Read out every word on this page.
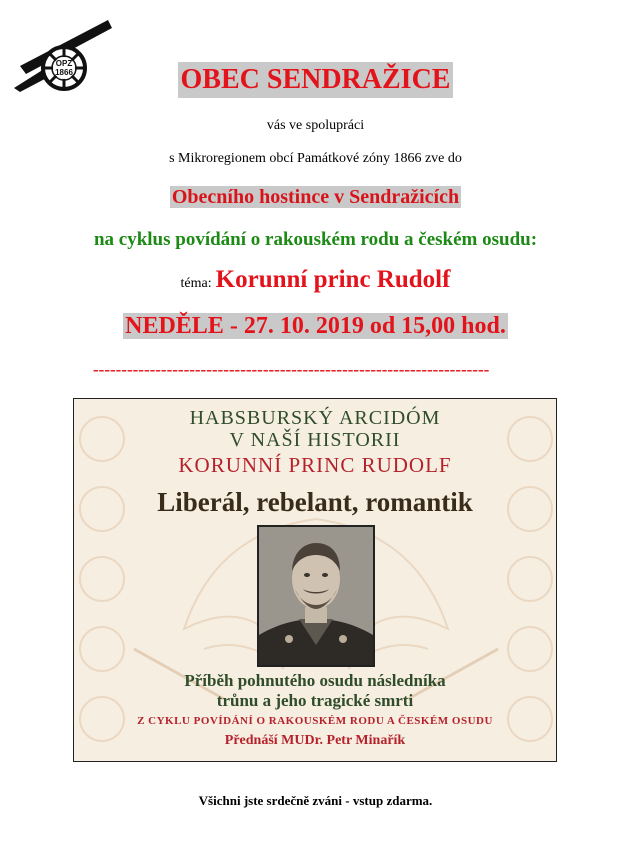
OPZ
1866	OBEC SENDRAŽICE
vás ve spolupráci
s Mikroregionem obcí Památkové zóny 1866 zve do
Obecního hostince v Sendražicích
na cyklus povídání o rakouském rodu a českém osudu:
téma: Korunní princ Rudolf
NEDĚLE - 27. 10. 2019 od 15,00 hod.
----------------------------------------------------------------------
HABSBURSKÝ ARCIDÓM
V NAŠÍ HISTORII
KORUNNÍ PRINC RUDOLF
Liberál, rebelant, romantik
Příběh pohnutého osudu následníka
trůnu a jeho tragické smrti
Z CYKLU POVÍDÁNÍ O RAKOUSKÉM RODU A ČESKÉM OSUDU
Přednáší MUDr. Petr Minařík
Všichni jste srdečně zváni - vstup zdarma.
